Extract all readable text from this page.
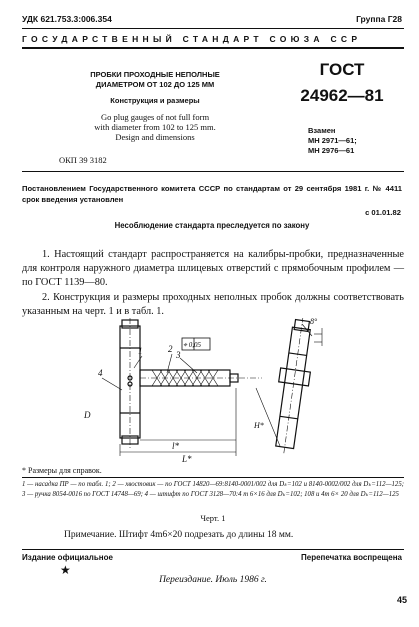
УДК 621.753.3:006.354	Группа Г28
ГОСУДАРСТВЕННЫЙ СТАНДАРТ СОЮЗА ССР
ПРОБКИ ПРОХОДНЫЕ НЕПОЛНЫЕ
ДИАМЕТРОМ ОТ 102 ДО 125 ММ
Конструкция и размеры
Go plug gauges of not full form
with diameter from 102 to 125 mm.
Design and dimensions
ГОСТ
24962—81
Взамен
МН 2971—61;
МН 2976—61
ОКП 39 3182
Постановлением Государственного комитета СССР по стандартам от 29 сентября 1981 г. № 4411 срок введения установлен
с 01.01.82
Несоблюдение стандарта преследуется по закону
1. Настоящий стандарт распространяется на калибры-пробки, предназначенные для контроля наружного диаметра шлицевых отверстий с прямобочным профилем — по ГОСТ 1139—80.
2. Конструкция и размеры проходных неполных пробок должны соответствовать указанным на черт. 1 и в табл. 1.
1	2
3
4
⌖ 0,05
8°
l*
L*
D
H*
* Размеры для справок.
1 — насадка ПР — по табл. 1; 2 — хвостовик — по ГОСТ 14820—69:8140-0001/002 для Dₖ=102 и 8140-0002/002 для Dₖ=112—125; 3 — ручка 8054-0016 по ГОСТ 14748—69; 4 — штифт по ГОСТ 3128—70:4 m 6×16 для Dₖ=102; 108 и 4m 6× 20 для Dₖ=112—125
Черт. 1
Примечание. Штифт 4m6×20 подрезать до длины 18 мм.
Издание официальное	Перепечатка воспрещена
★
Переиздание. Июль 1986 г.
45
